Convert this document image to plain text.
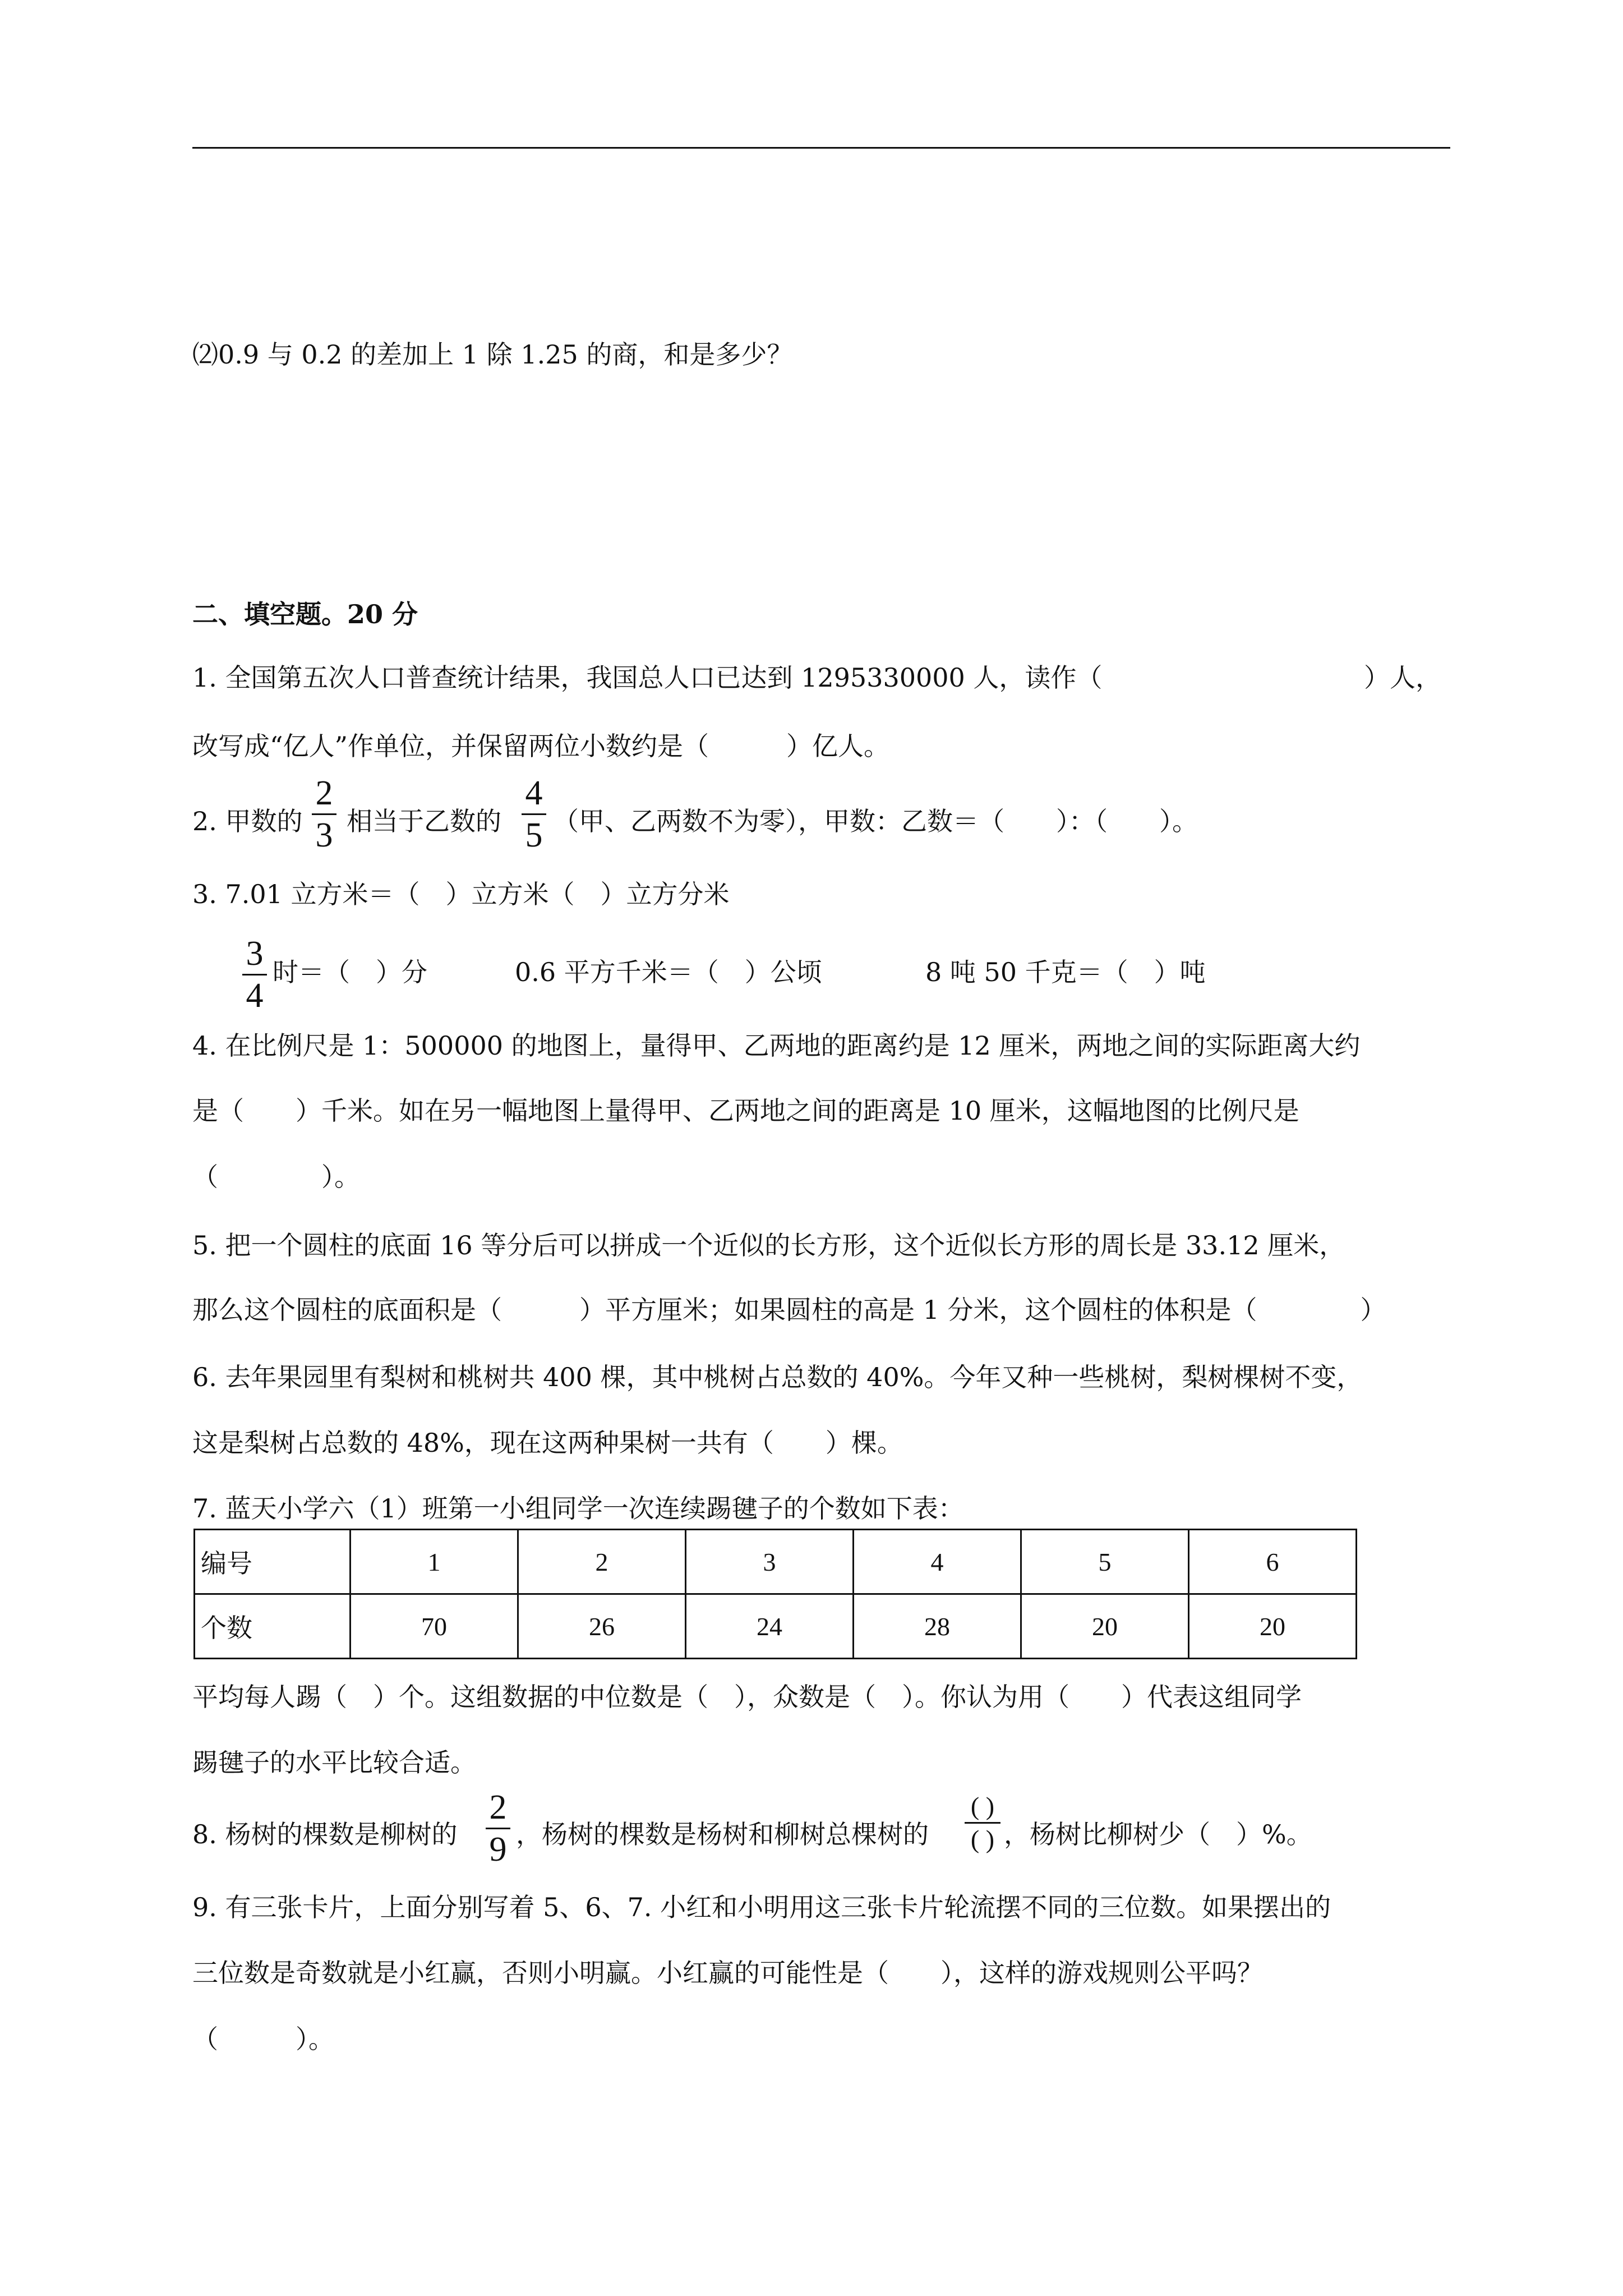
⑵0.9 与 0.2 的差加上 1 除 1.25 的商，和是多少？
二、填空题。20 分
1. 全国第五次人口普查统计结果，我国总人口已达到 1295330000 人，读作（	）人，
改写成“亿人”作单位，并保留两位小数约是（　　　）亿人。
2. 甲数的
2
3 相当于乙数的
4
5 （甲、乙两数不为零），甲数：乙数＝（　　）：（　　）。
3. 7.01 立方米＝（　）立方米（　）立方分米
3
4
时＝（　）分	0.6 平方千米＝（　）公顷	8 吨 50 千克＝（　）吨
4. 在比例尺是 1：500000 的地图上，量得甲、乙两地的距离约是 12 厘米，两地之间的实际距离大约
是（　　）千米。如在另一幅地图上量得甲、乙两地之间的距离是 10 厘米，这幅地图的比例尺是
（　　　　）。
5. 把一个圆柱的底面 16 等分后可以拼成一个近似的长方形，这个近似长方形的周长是 33.12 厘米，
那么这个圆柱的底面积是（　　　）平方厘米；如果圆柱的高是 1 分米，这个圆柱的体积是（　　　　）
6. 去年果园里有梨树和桃树共 400 棵，其中桃树占总数的 40%。今年又种一些桃树，梨树棵树不变，
这是梨树占总数的 48%，现在这两种果树一共有（　　）棵。
7. 蓝天小学六（1）班第一小组同学一次连续踢毽子的个数如下表：
编号	1	2	3	4	5	6
个数	70	26	24	28	20	20
平均每人踢（　）个。这组数据的中位数是（　），众数是（　）。你认为用（　　）代表这组同学
踢毽子的水平比较合适。
8. 杨树的棵数是柳树的
2
9 ，杨树的棵数是杨树和柳树总棵树的
( )
( ) ，杨树比柳树少（　）%。
9. 有三张卡片，上面分别写着 5、6、7. 小红和小明用这三张卡片轮流摆不同的三位数。如果摆出的
三位数是奇数就是小红赢，否则小明赢。小红赢的可能性是（　　），这样的游戏规则公平吗？
（　　　）。
